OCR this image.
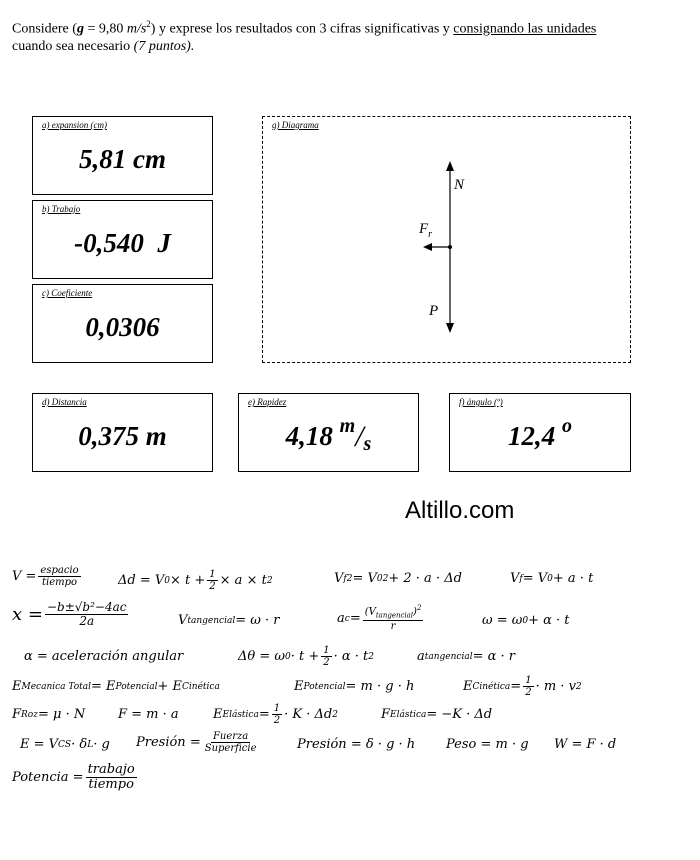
Considere (g = 9,80 $m/s^2$) y exprese los resultados con 3 cifras significativas y consignando las unidades
cuando sea necesario (7 puntos).
a) expansion (cm)
5,81 cm
b) Trabajo
-0,540  J
c) Coeficiente
0,0306
g) Diagrama
N
$F_r$
P
d) Distancia
0,375 m
e) Rapidez
4,18
m / s
f) ángulo (º)
12,4
o
Altillo.com
$V = \frac{\text{espacio}}{\text{tiempo}}$	Δd = V $0 \times t + \frac{1}{2} \times a \times t$ 2	V f 2 = V 0 2 + 2 · a · Δd	V f = V 0 + a · t
$x = \frac{\text{−b±√b²−4ac}}{2a}$	V tangencial = ω · r	a $c = \frac{(V_{tangencial})^2}{r}$	ω = ω 0 + α · t
α = aceleración angular	Δθ = ω $0 \cdot t + \frac{1}{2} \cdot \alpha \cdot t$ 2	a tangencial = α · r
E Mecanica Total = E Potencial + E Cinética	E Potencial = m · g · h	E Cinética = $\frac{1}{2} \cdot m \cdot v$ 2
F Roz = μ · N	F = m · a	E Elástica = $\frac{1}{2} \cdot K \cdot \Delta d$ 2	F Elástica = −K · Δd
E = V CS · δ L · g Presión = $\frac{\text{Fuerza}}{\text{Superficie}}$	Presión = δ · g · h Peso = m · g W = F · d
Potencia = $\frac{\text{trabajo}}{\text{tiempo}}$
